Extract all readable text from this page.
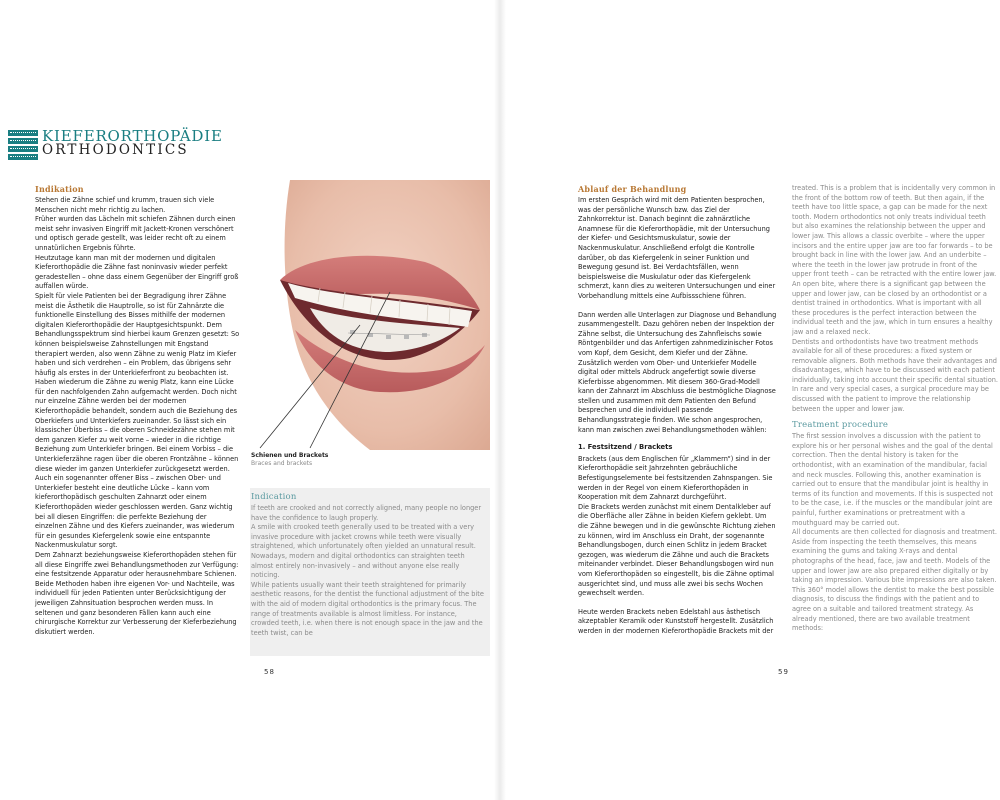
KIEFERORTHOPÄDIE
ORTHODONTICS
Indikation

Stehen die Zähne schief und krumm, trauen sich viele Menschen nicht mehr richtig zu lachen.

Früher wurden das Lächeln mit schiefen Zähnen durch einen meist sehr invasiven Eingriff mit Jackett-Kronen verschönert und optisch gerade gestellt, was leider recht oft zu einem unnatürlichen Ergebnis führte.

Heutzutage kann man mit der modernen und digitalen Kieferorthopädie die Zähne fast noninvasiv wieder perfekt geradestellen – ohne dass einem Gegenüber der Eingriff groß auffallen würde.

Spielt für viele Patienten bei der Begradigung ihrer Zähne meist die Ästhetik die Hauptrolle, so ist für Zahnärzte die funktionelle Einstellung des Bisses mithilfe der modernen digitalen Kieferorthopädie der Hauptgesichtspunkt. Dem Behandlungsspektrum sind hierbei kaum Grenzen gesetzt: So können beispielsweise Zahnstellungen mit Engstand therapiert werden, also wenn Zähne zu wenig Platz im Kiefer haben und sich verdrehen – ein Problem, das übrigens sehr häufig als erstes in der Unterkieferfront zu beobachten ist. Haben wiederum die Zähne zu wenig Platz, kann eine Lücke für den nachfolgenden Zahn aufgemacht werden. Doch nicht nur einzelne Zähne werden bei der modernen Kieferorthopädie behandelt, sondern auch die Beziehung des Oberkiefers und Unterkiefers zueinander. So lässt sich ein klassischer Überbiss – die oberen Schneidezähne stehen mit dem ganzen Kiefer zu weit vorne – wieder in die richtige Beziehung zum Unterkiefer bringen. Bei einem Vorbiss – die Unterkieferzähne ragen über die oberen Frontzähne – können diese wieder im ganzen Unterkiefer zurückgesetzt werden. Auch ein sogenannter offener Biss – zwischen Ober- und Unterkiefer besteht eine deutliche Lücke – kann vom kieferorthopädisch geschulten Zahnarzt oder einem Kieferorthopäden wieder geschlossen werden. Ganz wichtig bei all diesen Eingriffen: die perfekte Beziehung der einzelnen Zähne und des Kiefers zueinander, was wiederum für ein gesundes Kiefergelenk sowie eine entspannte Nackenmuskulatur sorgt.

Dem Zahnarzt beziehungsweise Kieferorthopäden stehen für all diese Eingriffe zwei Behandlungsmethoden zur Verfügung: eine festsitzende Apparatur oder herausnehmbare Schienen. Beide Methoden haben ihre eigenen Vor- und Nachteile, was individuell für jeden Patienten unter Berücksichtigung der jeweiligen Zahnsituation besprochen werden muss. In seltenen und ganz besonderen Fällen kann auch eine chirurgische Korrektur zur Verbesserung der Kieferbeziehung diskutiert werden.

Schienen und Brackets
Braces and brackets
Indication

If teeth are crooked and not correctly aligned, many people no longer have the confidence to laugh properly.

A smile with crooked teeth generally used to be treated with a very invasive procedure with jacket crowns while teeth were visually straightened, which unfortunately often yielded an unnatural result.

Nowadays, modern and digital orthodontics can straighten teeth almost entirely non-invasively – and without anyone else really noticing.

While patients usually want their teeth straightened for primarily aesthetic reasons, for the dentist the functional adjustment of the bite with the aid of modern digital orthodontics is the primary focus. The range of treatments available is almost limitless. For instance, crowded teeth, i.e. when there is not enough space in the jaw and the teeth twist, can be

58
Ablauf der Behandlung

Im ersten Gespräch wird mit dem Patienten besprochen, was der persönliche Wunsch bzw. das Ziel der Zahnkorrektur ist. Danach beginnt die zahnärztliche Anamnese für die Kieferorthopädie, mit der Untersuchung der Kiefer- und Gesichtsmuskulatur, sowie der Nackenmuskulatur. Anschließend erfolgt die Kontrolle darüber, ob das Kiefergelenk in seiner Funktion und Bewegung gesund ist. Bei Verdachtsfällen, wenn beispielsweise die Muskulatur oder das Kiefergelenk schmerzt, kann dies zu weiteren Untersuchungen und einer Vorbehandlung mittels eine Aufbissschiene führen.

Dann werden alle Unterlagen zur Diagnose und Behandlung zusammengestellt. Dazu gehören neben der Inspektion der Zähne selbst, die Untersuchung des Zahnfleischs sowie Röntgenbilder und das Anfertigen zahnmedizinischer Fotos vom Kopf, dem Gesicht, dem Kiefer und der Zähne. Zusätzlich werden vom Ober- und Unterkiefer Modelle digital oder mittels Abdruck angefertigt sowie diverse Kieferbisse abgenommen. Mit diesem 360-Grad-Modell kann der Zahnarzt im Abschluss die bestmögliche Diagnose stellen und zusammen mit dem Patienten den Befund besprechen und die individuell passende Behandlungsstrategie finden. Wie schon angesprochen, kann man zwischen zwei Behandlungsmethoden wählen:

1. Festsitzend / Brackets

Brackets (aus dem Englischen für „Klammern“) sind in der Kieferorthopädie seit Jahrzehnten gebräuchliche Befestigungselemente bei festsitzenden Zahnspangen. Sie werden in der Regel von einem Kieferorthopäden in Kooperation mit dem Zahnarzt durchgeführt.

Die Brackets werden zunächst mit einem Dentalkleber auf die Oberfläche aller Zähne in beiden Kiefern geklebt. Um die Zähne bewegen und in die gewünschte Richtung ziehen zu können, wird im Anschluss ein Draht, der sogenannte Behandlungsbogen, durch einen Schlitz in jedem Bracket gezogen, was wiederum die Zähne und auch die Brackets miteinander verbindet. Dieser Behandlungsbogen wird nun vom Kieferorthopäden so eingestellt, bis die Zähne optimal ausgerichtet sind, und muss alle zwei bis sechs Wochen gewechselt werden.

Heute werden Brackets neben Edelstahl aus ästhetisch akzeptabler Keramik oder Kunststoff hergestellt. Zusätzlich werden in der modernen Kieferorthopädie Brackets mit der

treated. This is a problem that is incidentally very common in the front of the bottom row of teeth. But then again, if the teeth have too little space, a gap can be made for the next tooth. Modern orthodontics not only treats individual teeth but also examines the relationship between the upper and lower jaw. This allows a classic overbite – where the upper incisors and the entire upper jaw are too far forwards – to be brought back in line with the lower jaw. And an underbite – where the teeth in the lower jaw protrude in front of the upper front teeth – can be retracted with the entire lower jaw. An open bite, where there is a significant gap between the upper and lower jaw, can be closed by an orthodontist or a dentist trained in orthodontics. What is important with all these procedures is the perfect interaction between the individual teeth and the jaw, which in turn ensures a healthy jaw and a relaxed neck.

Dentists and orthodontists have two treatment methods available for all of these procedures: a fixed system or removable aligners. Both methods have their advantages and disadvantages, which have to be discussed with each patient individually, taking into account their specific dental situation. In rare and very special cases, a surgical procedure may be discussed with the patient to improve the relationship between the upper and lower jaw.

Treatment procedure

The first session involves a discussion with the patient to explore his or her personal wishes and the goal of the dental correction. Then the dental history is taken for the orthodontist, with an examination of the mandibular, facial and neck muscles. Following this, another examination is carried out to ensure that the mandibular joint is healthy in terms of its function and movements. If this is suspected not to be the case, i.e. if the muscles or the mandibular joint are painful, further examinations or pretreatment with a mouthguard may be carried out.

All documents are then collected for diagnosis and treatment. Aside from inspecting the teeth themselves, this means examining the gums and taking X-rays and dental photographs of the head, face, jaw and teeth. Models of the upper and lower jaw are also prepared either digitally or by taking an impression. Various bite impressions are also taken. This 360° model allows the dentist to make the best possible diagnosis, to discuss the findings with the patient and to agree on a suitable and tailored treatment strategy. As already mentioned, there are two available treatment methods:

59
